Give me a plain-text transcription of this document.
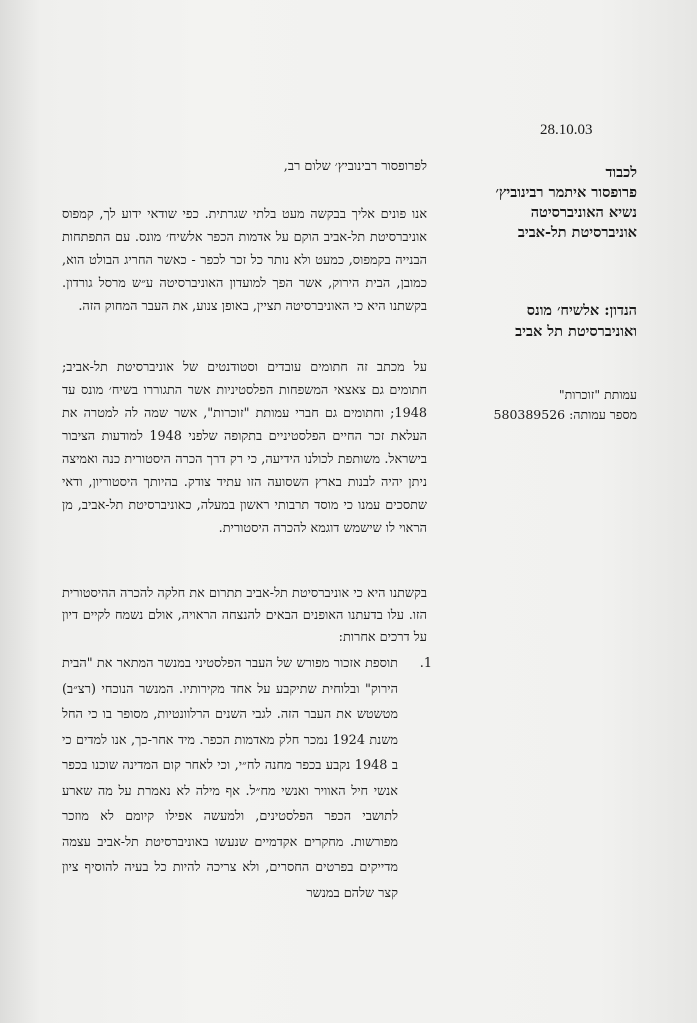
28.10.03
לכבוד
פרופסור איתמר רבינוביץ׳
נשיא האוניברסיטה
אוניברסיטת תל-אביב
הנדון: אלשיח׳ מונס
ואוניברסיטת תל אביב
עמותת "זוכרות"
מספר עמותה: 580389526
לפרופסור רבינוביץ׳ שלום רב,

אנו פונים אליך בבקשה מעט בלתי שגרתית. כפי שודאי ידוע לך, קמפוס אוניברסיטת תל-אביב הוקם על אדמות הכפר אלשיח׳ מונס. עם התפתחות הבנייה בקמפוס, כמעט ולא נותר כל זכר לכפר - כאשר החריג הבולט הוא, כמובן, הבית הירוק, אשר הפך למועדון האוניברסיטה ע״ש מרסל גורדון. בקשתנו היא כי האוניברסיטה תציין, באופן צנוע, את העבר המחוק הזה.

על מכתב זה חתומים עובדים וסטודנטים של אוניברסיטת תל-אביב; חתומים גם צאצאי המשפחות הפלסטיניות אשר התגוררו בשיח׳ מונס עד 1948; וחתומים גם חברי עמותת "זוכרות", אשר שמה לה למטרה את העלאת זכר החיים הפלסטיניים בתקופה שלפני 1948 למודעות הציבור בישראל. משותפת לכולנו הידיעה, כי רק דרך הכרה היסטורית כנה ואמיצה ניתן יהיה לבנות בארץ השסועה הזו עתיד צודק. בהיותך היסטוריון, ודאי שתסכים עמנו כי מוסד תרבותי ראשון במעלה, כאוניברסיטת תל-אביב, מן הראוי לו שישמש דוגמא להכרה היסטורית.

בקשתנו היא כי אוניברסיטת תל-אביב תתרום את חלקה להכרה ההיסטורית הזו. עלו בדעתנו האופנים הבאים להנצחה הראויה, אולם נשמח לקיים דיון על דרכים אחרות:

1.

תוספת אזכור מפורש של העבר הפלסטיני במנשר המתאר את "הבית הירוק" ובלוחית שתיקבע על אחד מקירותיו. המנשר הנוכחי (רצ״ב) מטשטש את העבר הזה. לגבי השנים הרלוונטיות, מסופר בו כי החל משנת 1924 נמכר חלק מאדמות הכפר. מיד אחר-כך, אנו למדים כי ב 1948 נקבע בכפר מחנה לח״י, וכי לאחר קום המדינה שוכנו בכפר אנשי חיל האוויר ואנשי מח״ל. אף מילה לא נאמרת על מה שארע לתושבי הכפר הפלסטינים, ולמעשה אפילו קיומם לא מוזכר מפורשות. מחקרים אקדמיים שנעשו באוניברסיטת תל-אביב עצמה מדייקים בפרטים החסרים, ולא צריכה להיות כל בעיה להוסיף ציון קצר שלהם במנשר
